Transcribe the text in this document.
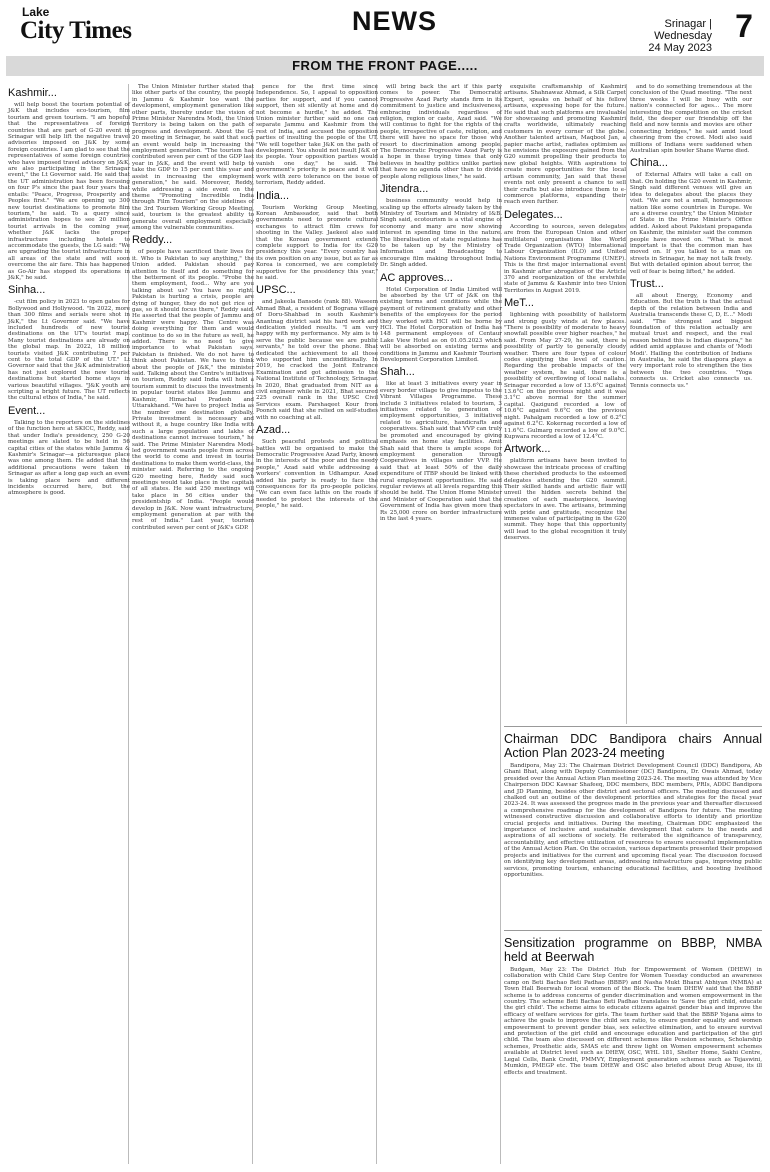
Lake
City Times	NEWS	Srinagar | Wednesday
24 May 2023
7
FROM THE FRONT PAGE.....
Kashmir...

will help boost the tourism potential of J&K that includes eco-tourism, film tourism and green tourism. "I am hopeful that the representatives of foreign countries that are part of G-20 event in Srinagar will help lift the negative travel advisories imposed on J&K by some foreign countries. I am glad to see that the representatives of some foreign countries who have imposed travel advisory on J&K, are also participating in the Srinagar event," the Lt Governor said. He said that the UT administration has been focusing on four P's since the past four years that entails: "Peace, Progress, Prosperity and Peoples first." "We are opening up 300 new tourist destinations to promote film tourism," he said. To a query since administration hopes to see 20 million tourist arrivals in the coming year, whether J&K lacks the proper infrastructure including hotels to accommodate the guests, the LG said: "We are upgrading the tourist infrastructure in all areas of the state and will soon overcome the air fare. This has happened as Go-Air has stopped its operations in J&K," he said.

Sinha...

-cut film policy in 2023 to open gates for Bollywood and Hollywood. "In 2022, more than 300 films and serials were shot in J&K," the Lt Governor said. "We have included hundreds of new tourist destinations on the UT's tourist map. Many tourist destinations are already on the global map. In 2022, 18 million tourists visited J&K contributing 7 per cent to the total GDP of the UT." Lt Governor said that the J&K administration has not just explored the new tourist destinations but started home stays in various beautiful villages. "J&K youth are scripting a bright future. The UT reflects the cultural ethos of India," he said.

Event...

Talking to the reporters on the sidelines of the function here at SKICC, Reddy, said that under India's presidency, 250 G-20 meetings are slated to be held in 56 capital cities of the states while Jammu & Kashmir's Srinagar—a picturesque place was one among them. He added that the additional precautions were taken in Srinagar as after a long gap such an event is taking place here and different incidents occurred here, but the atmosphere is good.

The Union Minister further stated that like other parts of the country, the people in Jammu & Kashmir too want the development, employment generation like other parts, thereby under the vision of Prime Minister Narendra Modi, the Union Territory is being taken on the path of progress and development. About the G-20 meeting in Srinagar, he said that such an event would help in increasing the employment generation. "The tourism has contributed seven per cent of the GDP last year in J&K, and the event will help to take the GDP to 15 per cent this year and assist in increasing the employment generation," he said. Moreover, Reddy, while addressing a side event on the theme "Promoting Incredible India through Film Tourism" on the sidelines of the 3rd Tourism Working Group Meeting, said, tourism is the greatest ability to generate overall employment especially among the vulnerable communities.

Reddy...

of people have sacrificed their lives for it. Who is Pakistan to say anything," the Union added. Pakistan should pay attention to itself and do something for the betterment of its people. "Probe the them employment, food... Why are you talking about us? You have no right. Pakistan is hurting a crisis, people are dying of hunger, they do not get rice or gas, so it should focus there," Reddy said. He asserted that the people of Jammu and Kashmir were happy. The Centre was doing everything for them and would continue to do so in the future as well, he added. There is no need to give importance to what Pakistan says. Pakistan is finished. We do not have to think about Pakistan. We have to think about the people of J&K," the minister said. Talking about the Centre's initiatives on tourism, Reddy said India will hold a tourism summit to discuss the investments in popular tourist states like Jammu and Kashmir, Himachal Pradesh and Uttarakhand. "We have to project India as the number one destination globally. Private investment is necessary and without it, a huge country like India with such a large population and lakhs of destinations cannot increase tourism," he said. The Prime Minister Narendra Modi-led government wants people from across the world to come and invest in tourist destinations to make them world-class, the minister said. Referring to the ongoing G20 meeting here, Reddy said such meetings would take place in the capitals of all states. He said 250 meetings will take place in 56 cities under the presidentship of India. "People would develop in J&K. Now want infrastructure, employment generation at par with the rest of India." Last year, tourism contributed seven per cent of J&K's GDP.

pence for the first time since Independence. So, I appeal to opposition parties for support, and if you cannot support, then sit silently at home and do not become a hurdle," he added. The Union minister further said no one can separate Jammu and Kashmir from the rest of India, and accused the opposition parties of insulting the people of the UT. "We will together take J&K on the path of development. You should not insult J&K or its people. Your opposition parties would vanish one day," he said. The government's priority is peace and it will work with zero tolerance on the issue of terrorism, Reddy added.

India...

Tourism Working Group Meeting, Korean Ambassador, said that both governments need to promote cultural exchanges to attract film crews for shooting in the Valley. Jaekeol also said that the Korean government extends complete support to India for its G20 presidency this year. "Every country has its own position on any issue, but as far as Korea is concerned, we are completely supportive for the presidency this year," he said.

UPSC...

and Jakeola Bansode (rank 88). Waseem Ahmad Bhat, a resident of Bograna village of Doru-Shahbad in south Kashmir's Anantnag district said his hard work and dedication yielded results. "I am very happy with my performance. My aim is to serve the public because we are public servants," he told over the phone. Bhat dedicated the achievement to all those who supported him unconditionally. In 2019, he cracked the Joint Entrance Examination and got admission to the National Institute of Technology, Srinagar. In 2020, Bhat graduated from NIT as a civil engineer while in 2021, Bhat secured 225 overall rank in the UPSC Civil Services exam. Parshaqeet Kour from Poonch said that she relied on self-studies with no coaching at all.

Azad...

Such peaceful protests and political battles will be organised to make the Democratic Progressive Azad Party, known in the interests of the poor and the needy people," Azad said while addressing a workers' convention in Udhampur. Azad added his party is ready to face the consequences for its pro-people policies. "We can even face lathis on the roads if needed to protect the interests of the people," he said.

will bring back the art if this party comes to power. The Democratic Progressive Azad Party stands firm in its commitment to justice and inclusiveness, embracing individuals regardless of religion, region or caste, Azad said. "We will continue to fight for the rights of the people, irrespective of caste, religion, and there will have no space for those who resort to discrimination among people. The Democratic Progressive Azad Party is a hope in these trying times that only believes in healthy politics unlike parties that have no agenda other than to divide people along religious lines," he said.

Jitendra...

business community would help in scaling up the efforts already taken by the Ministry of Tourism and Ministry of I&B. Singh said, ecotourism is a vital engine of economy and many are now showing interest in spending time in the nature. The liberalisation of state regulations has to be taken up by the Ministry of Information and Broadcasting to encourage film making throughout India, Dr. Singh added.

AC approves...

Hotel Corporation of India Limited will be absorbed by the UT of J&K on the existing terms and conditions while the payment of retirement gratuity and other benefits of the employees for the period they worked with HCI will be borne by HCI. The Hotel Corporation of India has 148 permanent employees of Centaur Lake View Hotel as on 01.05.2023 which will be absorbed on existing terms and conditions in Jammu and Kashmir Tourism Development Corporation Limited.

Shah...

like at least 3 initiatives every year in every border village to give impetus to the Vibrant Villages Programme. These include 3 initiatives related to tourism, 3 initiatives related to generation of employment opportunities, 3 initiatives related to agriculture, handicrafts and cooperatives. Shah said that VVP can truly be promoted and encouraged by giving emphasis on home stay facilities. Amit Shah said that there is ample scope for employment generation through Cooperatives in villages under VVP. He said that at least 50% of the daily expenditure of ITBP should be linked with rural employment opportunities. He said regular reviews at all levels regarding this should be held. The Union Home Minister and Minister of Cooperation said that the Government of India has given more than Rs 25,000 crore on border infrastructure in the last 4 years.

exquisite craftsmanship of Kashmiri artisans. Shahnawaz Ahmad, a Silk Carpet Expert, speaks on behalf of his fellow artisans, expressing hope for the future. He said that such platforms are invaluable for showcasing and promoting Kashmiri crafts worldwide, ultimately reaching customers in every corner of the globe. Another talented artisan, Maqbool Jan, a papier mache artist, radiates optimism as he envisions the exposure gained from the G20 summit propelling their products to new global heights. With aspirations to create more opportunities for the local artisan community, Jan said that these events not only present a chance to sell their crafts but also introduce them to e-commerce platforms, expanding their reach even further.

Delegates...

According to sources, seven delegates are from the European Union and other multilateral organisations like World Trade Organization (WTO) International Labour Organization (ILO) and United Nations Environment Programme (UNEP). This is the first major international event in Kashmir after abrogation of the Article 370 and reorganization of the erstwhile state of Jammu & Kashmir into two Union Territories in August 2019.

MeT...

lightening with possibility of hailstorm and strong gusty winds at few places. "There is possibility of moderate to heavy snowfall possible over higher reaches," he said. From May 27-29, he said, there is possibility of partly to generally cloudy weather. There are four types of colour codes signifying the level of caution. Regarding the probable impacts of the weather system, he said, there is a possibility of overflowing of local nallahs. Srinagar recorded a low of 13.6°C against 13.6°C on the previous night and it was 3.1°C above normal for the summer capital. Qazigund recorded a low of 10.6°C against 9.6°C on the previous night. Pahalgam recorded a low of 6.2°C against 6.2°C. Kokernag recorded a low of 11.6°C. Gulmarg recorded a low of 9.0°C. Kupwara recorded a low of 12.4°C.

Artwork...

platform artisans have been invited to showcase the intricate process of crafting these cherished products to the esteemed delegates attending the G20 summit. Their skilled hands and artistic flair will unveil the hidden secrets behind the creation of each masterpiece, leaving spectators in awe. The artisans, brimming with pride and gratitude, recognize the immense value of participating in the G20 summit. They hope that this opportunity will lead to the global recognition it truly deserves.

and to do something tremendous at the conclusion of the Quad meeting. "The next three weeks I will be busy with our nation's connected for ages... The more interesting the competition on the cricket field, the deeper our friendship off the field and now tennis and movies are other connecting bridges," he said amid loud cheering from the crowd. Modi also said millions of Indians were saddened when Australian spin bowler Shane Warne died.

China...

of External Affairs will take a call on that. On holding the G20 event in Kashmir, Singh said different venues will give an idea to delegates about the places they visit. "We are not a small, homogeneous nation like some countries in Europe. We are a diverse country," the Union Minister of State in the Prime Minister's Office added. Asked about Pakistani propaganda on Kashmir, the minister said the common people have moved on. "What is most important is that the common man has moved on. If you talked to a man on streets in Srinagar, he may not talk freely. But with detailed opinion about terror, the veil of fear is being lifted," he added.

Trust...

all about Energy, Economy and Education. But the truth is that the actual depth of the relation between India and Australia transcends these C, D, E..." Modi said. "The strongest and biggest foundation of this relation actually are mutual trust and respect, and the real reason behind this is Indian diaspora," he added amid applause and chants of 'Modi Modi'. Hailing the contribution of Indians in Australia, he said the diaspora plays a very important role to strengthen the ties between the two countries. "Yoga connects us. Cricket also connects us. Tennis connects us."

Chairman DDC Bandipora chairs Annual Action Plan 2023-24 meeting

Bandipora, May 23: The Chairman District Development Council (DDC) Bandipora, Ab Ghani Bhat, along with Deputy Commissioner (DC) Bandipora, Dr. Owais Ahmad, today presided over the Annual Action Plan meeting 2023-24. The meeting was attended by Vice Chairperson DDC Kawsar Shafeeq, DDC members, BDC members, PRIs, ADDC Bandipora and JD Planning, besides other district and sectoral officers. The meeting discussed and chalked out an outline of the development priorities and strategies for the fiscal year 2023-24. It was assessed the progress made in the previous year and thereafter discussed a comprehensive roadmap for the development of Bandipora for future. The meeting witnessed constructive discussion and collaborative efforts to identify and prioritize crucial projects and initiatives. During the meeting, Chairman DDC emphasized the importance of inclusive and sustainable development that caters to the needs and aspirations of all sections of society. He reiterated the significance of transparency, accountability, and effective utilization of resources to ensure successful implementation of the Annual Action Plan. On the occasion, various departments presented their proposed projects and initiatives for the current and upcoming fiscal year. The discussion focused on identifying key development areas, addressing infrastructure gaps, improving public services, promoting tourism, enhancing educational facilities, and boosting livelihood opportunities.

Sensitization programme on BBBP, NMBA held at Beerwah

Budgam, May 23: The District Hub for Empowerment of Women (DHEW) in collaboration with Child Care Step Centre for Women Tuesday conducted an awareness camp on Beti Bachao Beti Padhao (BBBP) and Nasha Mukt Bharat Abhiyan (NMBA) at Town Hall Beerwah for local women of the Block. The team DHEW said that the BBBP scheme is to address concerns of gender discrimination and women empowerment in the country. The scheme Beti Bachao Beti Padhao translates to 'Save the girl child, educate the girl child'. The scheme aims to educate citizens against gender bias and improve the efficacy of welfare services for girls. The team further said that the BBBP Yojana aims to achieve the goals to improve the child sex ratio, to ensure gender equality and women empowerment to prevent gender bias, sex selective elimination, and to ensure survival and protection of the girl child and encourage education and participation of the girl child. The team also discussed on different schemes like Pension schemes, Scholarship schemes, Prosthetic aids, SMAS etc and threw light on Women empowerment schemes available at District level such as DHEW, OSC, WHL 181, Shelter Home, Sakhi Centre, Legal Cells, Bank Credit, PMMVY, Employment generation schemes such as Tejaswini, Mumkin, PMEGP etc. The team DHEW and OSC also briefed about Drug Abuse, its ill effects and treatment.
